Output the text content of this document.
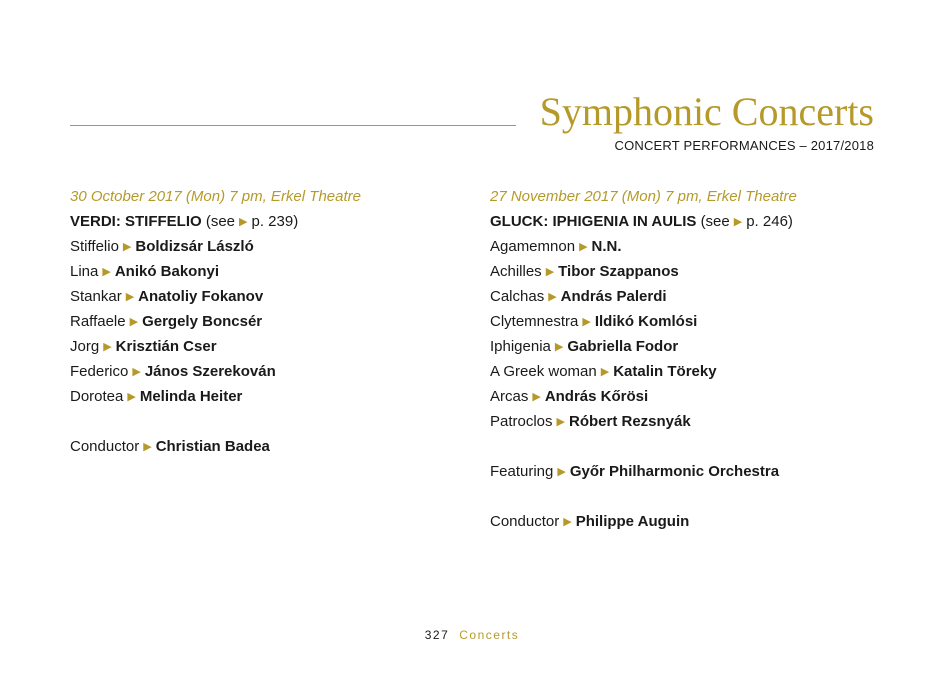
Symphonic Concerts
CONCERT PERFORMANCES – 2017/2018
30 October 2017 (Mon) 7 pm, Erkel Theatre
VERDI: STIFFELIO (see ▶ p. 239)
Stiffelio ▶ Boldizsár László
Lina ▶ Anikó Bakonyi
Stankar ▶ Anatoliy Fokanov
Raffaele ▶ Gergely Boncsér
Jorg ▶ Krisztián Cser
Federico ▶ János Szerekován
Dorotea ▶ Melinda Heiter
Conductor ▶ Christian Badea
27 November 2017 (Mon) 7 pm, Erkel Theatre
GLUCK: IPHIGENIA IN AULIS (see ▶ p. 246)
Agamemnon ▶ N.N.
Achilles ▶ Tibor Szappanos
Calchas ▶ András Palerdi
Clytemnestra ▶ Ildikó Komlósi
Iphigenia ▶ Gabriella Fodor
A Greek woman ▶ Katalin Töreky
Arcas ▶ András Kőrösi
Patroclos ▶ Róbert Rezsnyák
Featuring ▶ Győr Philharmonic Orchestra
Conductor ▶ Philippe Auguin
327 Concerts
